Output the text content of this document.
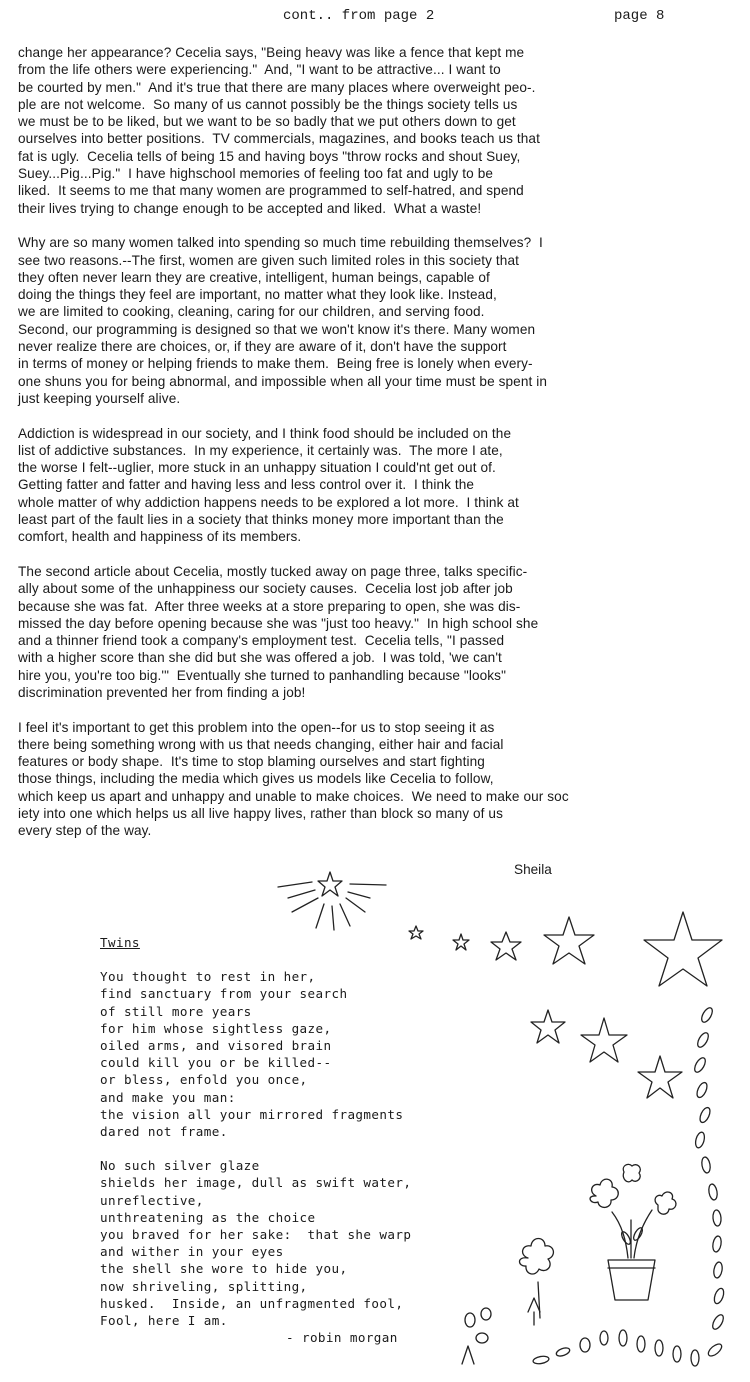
cont.. from page 2	page 8

change her appearance? Cecelia says, "Being heavy was like a fence that kept me
from the life others were experiencing."  And, "I want to be attractive... I want to
be courted by men."  And it's true that there are many places where overweight peo-.
ple are not welcome.  So many of us cannot possibly be the things society tells us
we must be to be liked, but we want to be so badly that we put others down to get
ourselves into better positions.  TV commercials, magazines, and books teach us that
fat is ugly.  Cecelia tells of being 15 and having boys "throw rocks and shout Suey,
Suey...Pig...Pig."  I have highschool memories of feeling too fat and ugly to be
liked.  It seems to me that many women are programmed to self-hatred, and spend
their lives trying to change enough to be accepted and liked.  What a waste!

Why are so many women talked into spending so much time rebuilding themselves?  I
see two reasons.--The first, women are given such limited roles in this society that
they often never learn they are creative, intelligent, human beings, capable of
doing the things they feel are important, no matter what they look like. Instead,
we are limited to cooking, cleaning, caring for our children, and serving food.
Second, our programming is designed so that we won't know it's there. Many women
never realize there are choices, or, if they are aware of it, don't have the support
in terms of money or helping friends to make them.  Being free is lonely when every-
one shuns you for being abnormal, and impossible when all your time must be spent in
just keeping yourself alive.

Addiction is widespread in our society, and I think food should be included on the
list of addictive substances.  In my experience, it certainly was.  The more I ate,
the worse I felt--uglier, more stuck in an unhappy situation I could'nt get out of.
Getting fatter and fatter and having less and less control over it.  I think the
whole matter of why addiction happens needs to be explored a lot more.  I think at
least part of the fault lies in a society that thinks money more important than the
comfort, health and happiness of its members.

The second article about Cecelia, mostly tucked away on page three, talks specific-
ally about some of the unhappiness our society causes.  Cecelia lost job after job
because she was fat.  After three weeks at a store preparing to open, she was dis-
missed the day before opening because she was "just too heavy."  In high school she
and a thinner friend took a company's employment test.  Cecelia tells, "I passed
with a higher score than she did but she was offered a job.  I was told, 'we can't
hire you, you're too big.'"  Eventually she turned to panhandling because "looks"
discrimination prevented her from finding a job!

I feel it's important to get this problem into the open--for us to stop seeing it as
there being something wrong with us that needs changing, either hair and facial
features or body shape.  It's time to stop blaming ourselves and start fighting
those things, including the media which gives us models like Cecelia to follow,
which keep us apart and unhappy and unable to make choices.  We need to make our soc
iety into one which helps us all live happy lives, rather than block so many of us
every step of the way.

Sheila
Twins
You thought to rest in her,
find sanctuary from your search
of still more years
for him whose sightless gaze,
oiled arms, and visored brain
could kill you or be killed--
or bless, enfold you once,
and make you man:
the vision all your mirrored fragments
dared not frame.
No such silver glaze
shields her image, dull as swift water,
unreflective,
unthreatening as the choice
you braved for her sake:  that she warp
and wither in your eyes
the shell she wore to hide you,
now shriveling, splitting,
husked.  Inside, an unfragmented fool,
Fool, here I am.
- robin morgan
